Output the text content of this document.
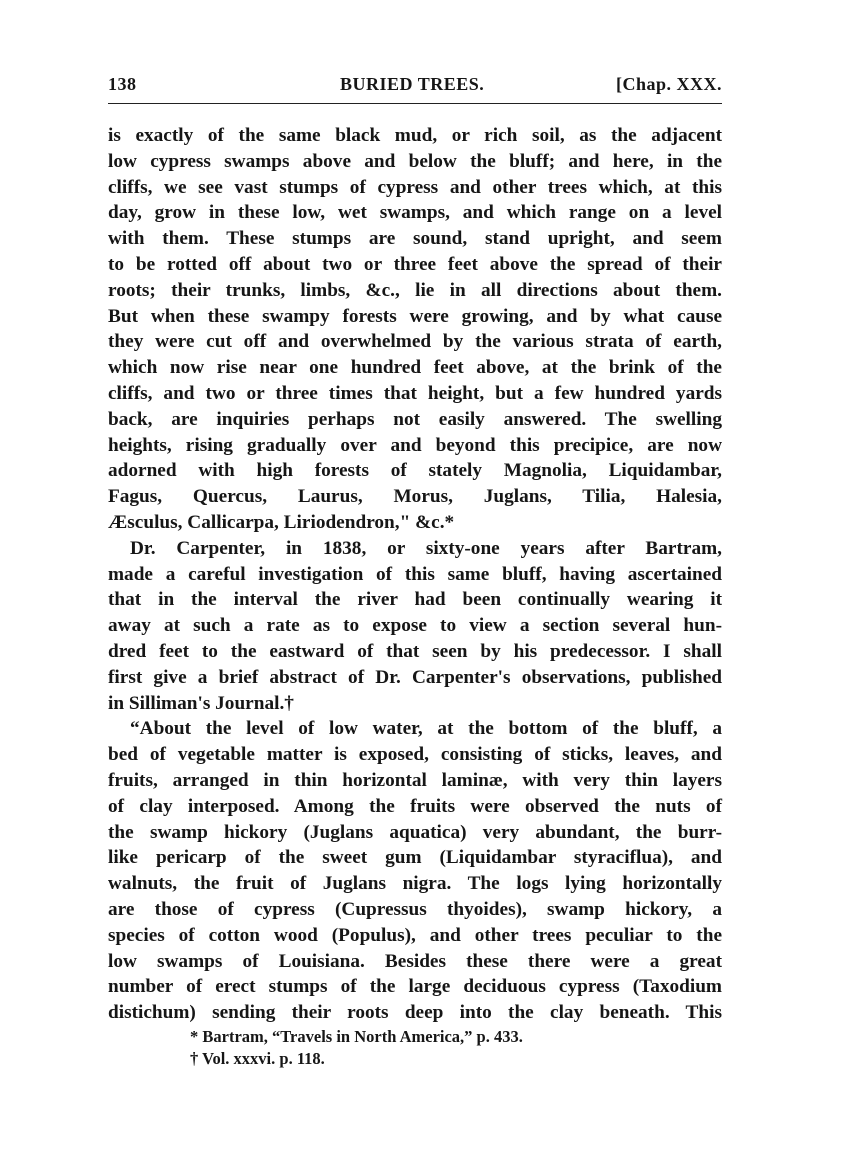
138	BURIED TREES.	[Chap. XXX.
is exactly of the same black mud, or rich soil, as the adjacent
low cypress swamps above and below the bluff; and here, in the
cliffs, we see vast stumps of cypress and other trees which, at this
day, grow in these low, wet swamps, and which range on a level
with them. These stumps are sound, stand upright, and seem
to be rotted off about two or three feet above the spread of their
roots; their trunks, limbs, &c., lie in all directions about them.
But when these swampy forests were growing, and by what cause
they were cut off and overwhelmed by the various strata of earth,
which now rise near one hundred feet above, at the brink of the
cliffs, and two or three times that height, but a few hundred yards
back, are inquiries perhaps not easily answered. The swelling
heights, rising gradually over and beyond this precipice, are now
adorned with high forests of stately Magnolia, Liquidambar,
Fagus, Quercus, Laurus, Morus, Juglans, Tilia, Halesia,
Æsculus, Callicarpa, Liriodendron," &c.*
Dr. Carpenter, in 1838, or sixty-one years after Bartram,
made a careful investigation of this same bluff, having ascertained
that in the interval the river had been continually wearing it
away at such a rate as to expose to view a section several hun-
dred feet to the eastward of that seen by his predecessor. I shall
first give a brief abstract of Dr. Carpenter's observations, published
in Silliman's Journal.†
“About the level of low water, at the bottom of the bluff, a
bed of vegetable matter is exposed, consisting of sticks, leaves, and
fruits, arranged in thin horizontal laminæ, with very thin layers
of clay interposed. Among the fruits were observed the nuts of
the swamp hickory (Juglans aquatica) very abundant, the burr-
like pericarp of the sweet gum (Liquidambar styraciflua), and
walnuts, the fruit of Juglans nigra. The logs lying horizontally
are those of cypress (Cupressus thyoides), swamp hickory, a
species of cotton wood (Populus), and other trees peculiar to the
low swamps of Louisiana. Besides these there were a great
number of erect stumps of the large deciduous cypress (Taxodium
distichum) sending their roots deep into the clay beneath. This
* Bartram, “Travels in North America,” p. 433.
† Vol. xxxvi. p. 118.
